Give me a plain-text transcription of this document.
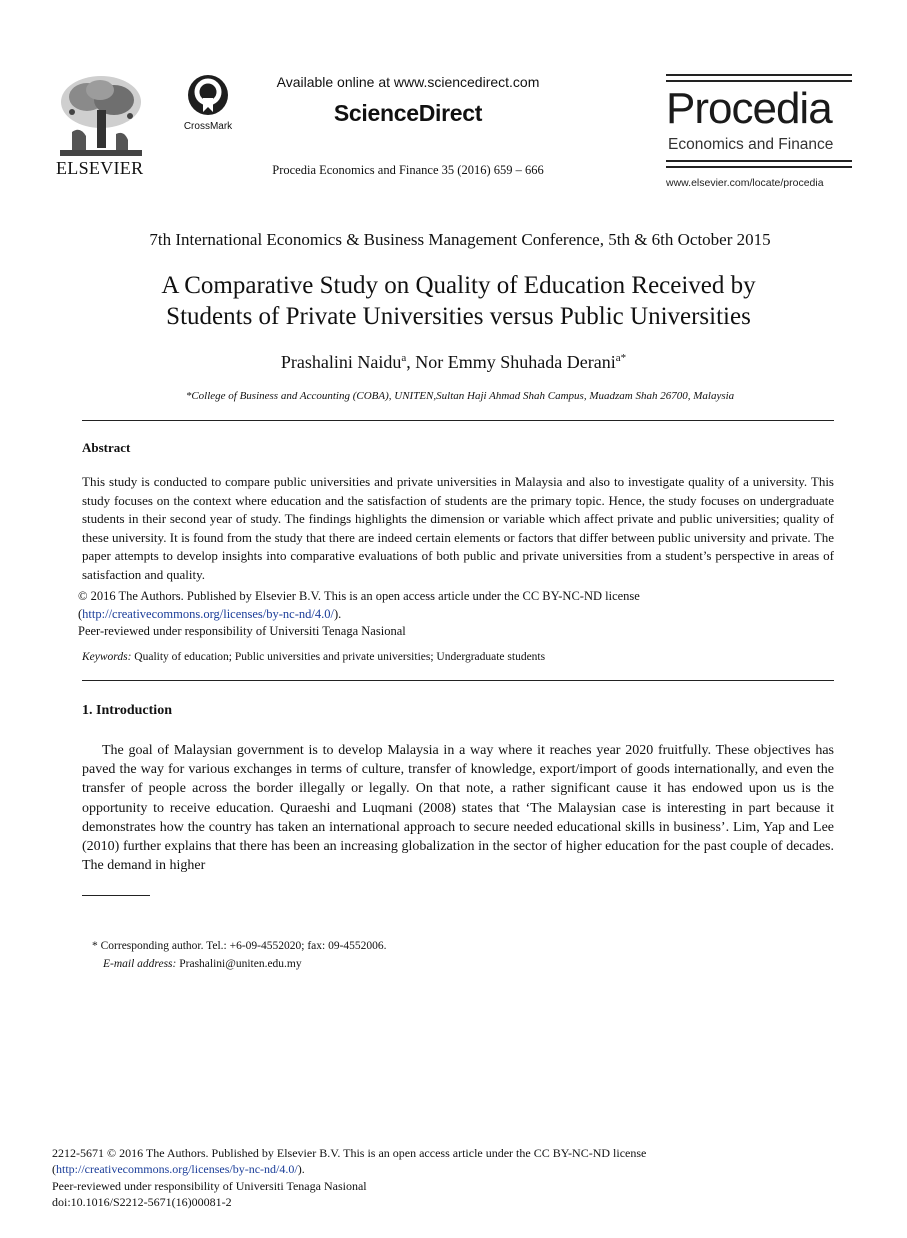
ELSEVIER
CrossMark
Available online at www.sciencedirect.com
ScienceDirect
Procedia Economics and Finance 35 (2016) 659 – 666
Procedia
Economics and Finance
www.elsevier.com/locate/procedia
7th International Economics & Business Management Conference, 5th & 6th October 2015
A Comparative Study on Quality of Education Received by
Students of Private Universities versus Public Universities
Prashalini Naidu$^a$, Nor Emmy Shuhada Derani$^{a*}$
*College of Business and Accounting (COBA), UNITEN,Sultan Haji Ahmad Shah Campus, Muadzam Shah 26700, Malaysia
Abstract
This study is conducted to compare public universities and private universities in Malaysia and also to investigate quality of a university. This study focuses on the context where education and the satisfaction of students are the primary topic. Hence, the study focuses on undergraduate students in their second year of study. The findings highlights the dimension or variable which affect private and public universities; quality of these university. It is found from the study that there are indeed certain elements or factors that differ between public university and private. The paper attempts to develop insights into comparative evaluations of both public and private universities from a student’s perspective in areas of satisfaction and quality.
© 2016 The Authors. Published by Elsevier B.V. This is an open access article under the CC BY-NC-ND license
(http://creativecommons.org/licenses/by-nc-nd/4.0/).
Peer-reviewed under responsibility of Universiti Tenaga Nasional
Keywords: Quality of education; Public universities and private universities; Undergraduate students
1. Introduction

The goal of Malaysian government is to develop Malaysia in a way where it reaches year 2020 fruitfully. These objectives has paved the way for various exchanges in terms of culture, transfer of knowledge, export/import of goods internationally, and even the transfer of people across the border illegally or legally. On that note, a rather significant cause it has endowed upon us is the opportunity to receive education. Quraeshi and Luqmani (2008) states that ‘The Malaysian case is interesting in part because it demonstrates how the country has taken an international approach to secure needed educational skills in business’. Lim, Yap and Lee (2010) further explains that there has been an increasing globalization in the sector of higher education for the past couple of decades. The demand in higher

* Corresponding author. Tel.: +6-09-4552020; fax: 09-4552006.
E-mail address: Prashalini@uniten.edu.my
2212-5671 © 2016 The Authors. Published by Elsevier B.V. This is an open access article under the CC BY-NC-ND license
(http://creativecommons.org/licenses/by-nc-nd/4.0/).
Peer-reviewed under responsibility of Universiti Tenaga Nasional
doi:10.1016/S2212-5671(16)00081-2
